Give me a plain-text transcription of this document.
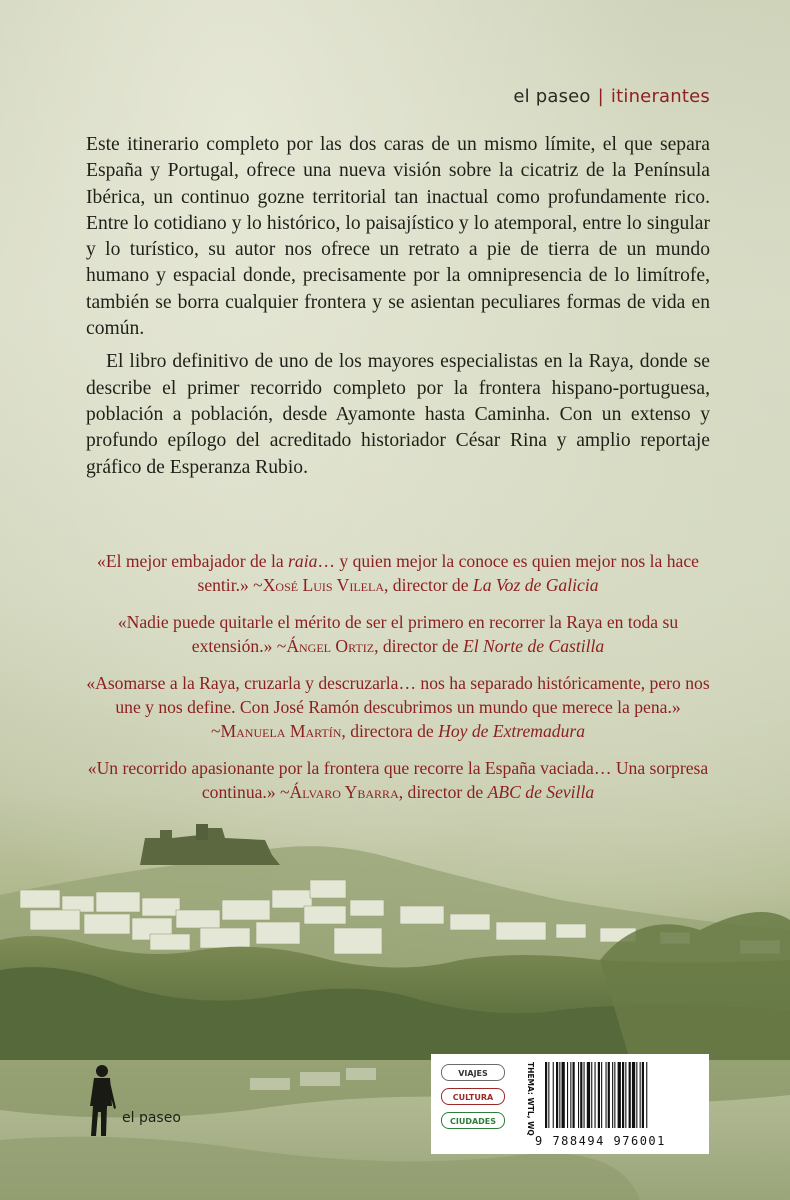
el paseo | itinerantes

Este itinerario completo por las dos caras de un mismo límite, el que separa España y Portugal, ofrece una nueva visión sobre la cicatriz de la Península Ibérica, un continuo gozne territorial tan inactual como profundamente rico. Entre lo cotidiano y lo histórico, lo paisajístico y lo atemporal, entre lo singular y lo turístico, su autor nos ofrece un retrato a pie de tierra de un mundo humano y espacial donde, precisamente por la omnipresencia de lo limítrofe, también se borra cualquier frontera y se asientan peculiares formas de vida en común.

El libro definitivo de uno de los mayores especialistas en la Raya, donde se describe el primer recorrido completo por la frontera hispano-portuguesa, población a población, desde Ayamonte hasta Caminha. Con un extenso y profundo epílogo del acreditado historiador César Rina y amplio reportaje gráfico de Esperanza Rubio.

«El mejor embajador de la raia… y quien mejor la conoce es quien mejor nos la hace sentir.» ~Xosé Luis Vilela, director de La Voz de Galicia
«Nadie puede quitarle el mérito de ser el primero en recorrer la Raya en toda su extensión.» ~Ángel Ortiz, director de El Norte de Castilla
«Asomarse a la Raya, cruzarla y descruzarla… nos ha separado históricamente, pero nos une y nos define. Con José Ramón descubrimos un mundo que merece la pena.» ~Manuela Martín, directora de Hoy de Extremadura
«Un recorrido apasionante por la frontera que recorre la España vaciada… Una sorpresa continua.» ~Álvaro Ybarra, director de ABC de Sevilla
el paseo
VIAJES
CULTURA
CIUDADES	THEMA: WTL, WQ
9 788494 976001
